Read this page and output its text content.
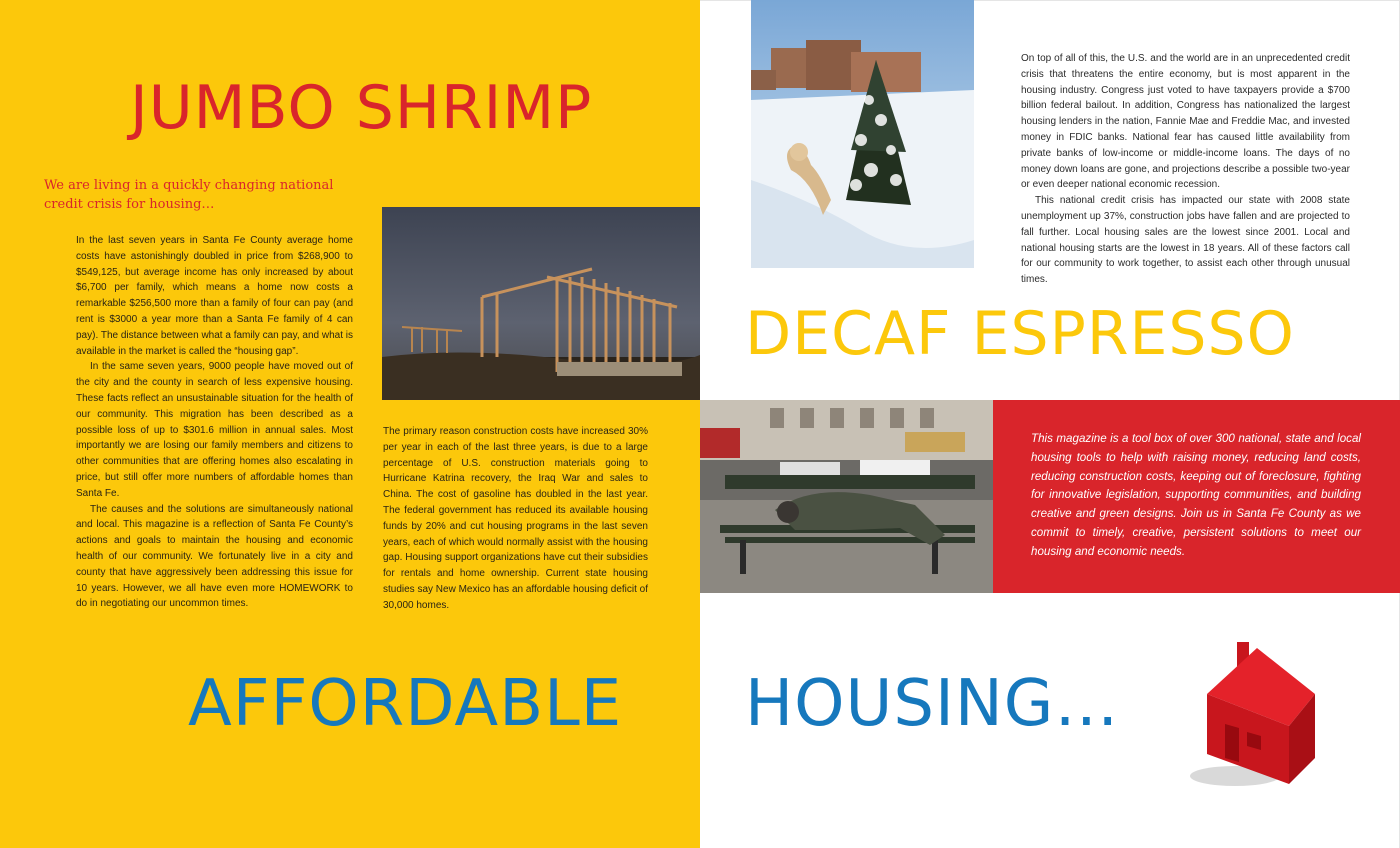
JUMBO SHRIMP
DECAF ESPRESSO
AFFORDABLE HOUSING…

We are living in a quickly changing national credit crisis for housing…

In the last seven years in Santa Fe County average home costs have astonishingly doubled in price from $268,900 to $549,125, but average income has only increased by about $6,700 per family, which means a home now costs a remarkable $256,500 more than a family of four can pay (and rent is $3000 a year more than a Santa Fe family of 4 can pay). The distance between what a family can pay, and what is available in the market is called the “housing gap”.

In the same seven years, 9000 people have moved out of the city and the county in search of less expensive housing. These facts reflect an unsustainable situation for the health of our community. This migration has been described as a possible loss of up to $301.6 million in annual sales. Most importantly we are losing our family members and citizens to other communities that are offering homes also escalating in price, but still offer more numbers of affordable homes than Santa Fe.

The causes and the solutions are simultaneously national and local. This magazine is a reflection of Santa Fe County’s actions and goals to maintain the housing and economic health of our community. We fortunately live in a city and county that have aggressively been addressing this issue for 10 years. However, we all have even more HOMEWORK to do in negotiating our uncommon times.

The primary reason construction costs have increased 30% per year in each of the last three years, is due to a large percentage of U.S. construction materials going to Hurricane Katrina recovery, the Iraq War and sales to China. The cost of gasoline has doubled in the last year. The federal government has reduced its available housing funds by 20% and cut housing programs in the last seven years, each of which would normally assist with the housing gap. Housing support organizations have cut their subsidies for rentals and home ownership. Current state housing studies say New Mexico has an affordable housing deficit of 30,000 homes.

On top of all of this, the U.S. and the world are in an unprecedented credit crisis that threatens the entire economy, but is most apparent in the housing industry. Congress just voted to have taxpayers provide a $700 billion federal bailout. In addition, Congress has nationalized the largest housing lenders in the nation, Fannie Mae and Freddie Mac, and invested money in FDIC banks. National fear has caused little availability from private banks of low-income or middle-income loans. The days of no money down loans are gone, and projections describe a possible two-year or even deeper national economic recession.

This national credit crisis has impacted our state with 2008 state unemployment up 37%, construction jobs have fallen and are projected to fall further. Local housing sales are the lowest since 2001. Local and national housing starts are the lowest in 18 years. All of these factors call for our community to work together, to assist each other through unusual times.

This magazine is a tool box of over 300 national, state and local housing tools to help with raising money, reducing land costs, reducing construction costs, keeping out of foreclosure, fighting for innovative legislation, supporting communities, and building creative and green designs. Join us in Santa Fe County as we commit to timely, creative, persistent solutions to meet our housing and economic needs.
